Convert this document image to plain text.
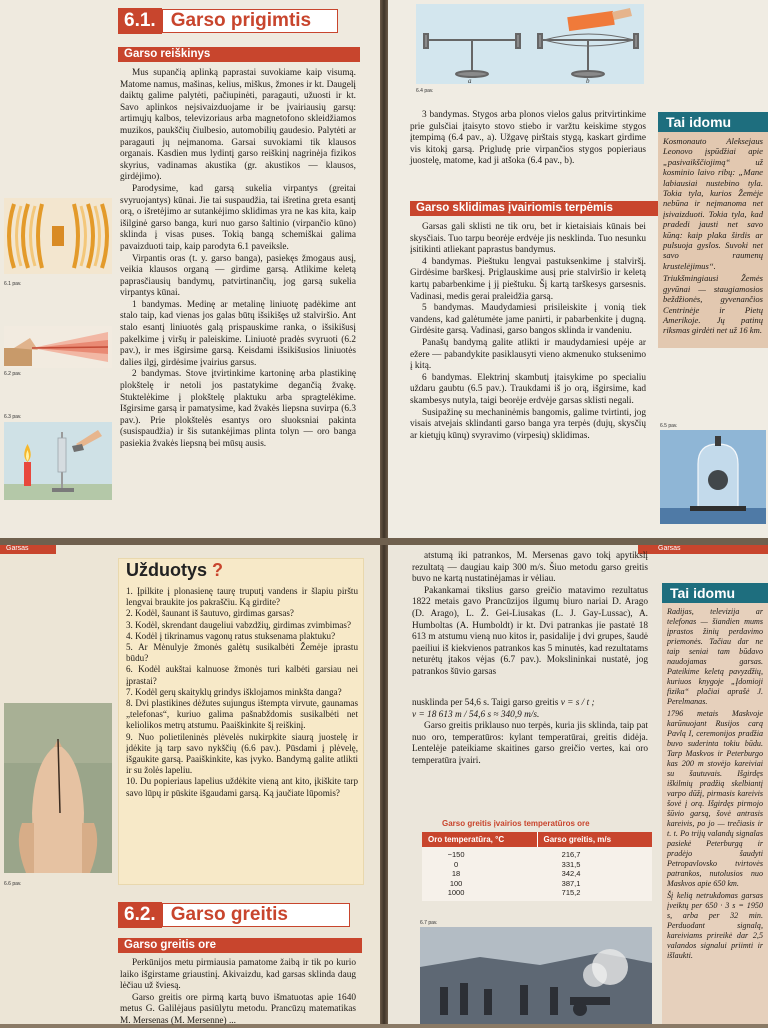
6.1. Garso prigimtis
Garso reiškinys

Mus supančią aplinką paprastai suvokiame kaip visumą. Matome namus, mašinas, kelius, miškus, žmones ir kt. Daugelį daiktų galime palytėti, pačiupinėti, paragauti, užuosti ir kt. Savo aplinkos nejsivaizduojame ir be įvairiausių garsų: artimųjų kalbos, televizoriaus arba magnetofono skleidžiamos muzikos, paukščių čiulbesio, automobilių gaudesio. Palytėti ar paragauti jų neįmanoma. Garsai suvokiami tik klausos organais. Kasdien mus lydintį garso reiškinį nagrinėja fizikos skyrius, vadinamas akustika (gr. akustikos — klausos, girdėjimo).

Parodysime, kad garsą sukelia virpantys (greitai svyruojantys) kūnai. Jie tai suspaudžia, tai išretina greta esantį orą, o išretėjimo ar sutankėjimo sklidimas yra ne kas kita, kaip išilginė garso banga, kuri nuo garso šaltinio (virpančio kūno) sklinda į visas puses. Tokią bangą schemiškai galima pavaizduoti taip, kaip parodyta 6.1 paveiksle.

Virpantis oras (t. y. garso banga), pasiekęs žmogaus ausį, veikia klausos organą — girdime garsą. Atlikime keletą paprasčiausių bandymų, patvirtinančių, jog garsą sukelia virpantys kūnai.

1 bandymas. Medinę ar metalinę liniuotę padėkime ant stalo taip, kad vienas jos galas būtų išsikišęs už stalviršio. Ant stalo esantį liniuotės galą prispauskime ranka, o išsikišusį pakelkime į viršų ir paleiskime. Liniuotė pradės svyruoti (6.2 pav.), ir mes išgirsime garsą. Keisdami išsikišusios liniuotės dalies ilgį, girdėsime įvairius garsus.

2 bandymas. Stove įtvirtinkime kartoninę arba plastikinę plokštelę ir netoli jos pastatykime degančią žvakę. Stuktelėkime į plokštelę plaktuku arba spragtelėkime. Išgirsime garsą ir pamatysime, kad žvakės liepsna suvirpa (6.3 pav.). Prie plokštelės esantys oro sluoksniai pakinta (susispaudžia) ir šis sutankėjimas plinta tolyn — oro banga pasiekia žvakės liepsną bei mūsų ausis.

6.1 pav.
6.2 pav.
6.3 pav.
a	b
6.4 pav.

3 bandymas. Stygos arba plonos vielos galus pritvirtinkime prie gulsčiai įtaisyto stovo stiebo ir varžtu keiskime stygos įtempimą (6.4 pav., a). Užgavę pirštais stygą, kaskart girdime vis kitokį garsą. Prigludę prie virpančios stygos popieriaus juostelę, matome, kad ji atšoka (6.4 pav., b).

Garso sklidimas įvairiomis terpėmis

Garsas gali sklisti ne tik oru, bet ir kietaisiais kūnais bei skysčiais. Tuo tarpu beorėje erdvėje jis nesklinda. Tuo nesunku įsitikinti atliekant paprastus bandymus.

4 bandymas. Pieštuku lengvai pastuksenkime į stalviršį. Girdėsime barškesį. Priglauskime ausį prie stalviršio ir keletą kartų pabarbenkime į jį pieštuku. Šį kartą tarškesys garsesnis. Vadinasi, medis gerai praleidžia garsą.

5 bandymas. Maudydamiesi prisileiskite į vonią tiek vandens, kad galėtumėte jame panirti, ir pabarbenkite į dugną. Girdėsite garsą. Vadinasi, garso bangos sklinda ir vandeniu.

Panašų bandymą galite atlikti ir maudydamiesi upėje ar ežere — pabandykite pasiklausyti vieno akmenuko stuksenimo į kitą.

6 bandymas. Elektrinį skambutį įtaisykime po specialiu uždaru gaubtu (6.5 pav.). Traukdami iš jo orą, išgirsime, kad skambesys nutyla, taigi beorėje erdvėje garsas sklisti negali.

Susipažinę su mechaninėmis bangomis, galime tvirtinti, jog visais atvejais sklindanti garso banga yra terpės (dujų, skysčių ar kietųjų kūnų) svyravimo (virpesių) sklidimas.

Tai idomu

Kosmonauto Aleksejaus Leonovo įspūdžiai apie „pasivaikščiojimą“ už kosminio laivo ribų: „Mane labiausiai nustebino tyla. Tokia tyla, kurios Žemėje nebūna ir neįmanoma net įsivaizduoti. Tokia tyla, kad pradedi jausti net savo kūną: kaip plaka širdis ar pulsuoja gyslos. Suvoki net savo raumenų krustelėjimus“.

Triukšmingiausi Žemės gyvūnai — staugiamosios beždžionės, gyvenančios Centrinėje ir Pietų Amerikoje. Jų patinų riksmas girdėti net už 16 km.

6.5 pav.
Garsas
6.6 pav.
Užduotys ?

1. Įpilkite į plonasienę taurę truputį vandens ir šlapiu pirštu lengvai braukite jos pakraščiu. Ką girdite?

2. Kodėl, šaunant iš šautuvo, girdimas garsas?

3. Kodėl, skrendant daugeliui vabzdžių, girdimas zvimbimas?

4. Kodėl į tikrinamus vagonų ratus stuksenama plaktuku?

5. Ar Mėnulyje žmonės galėtų susikalbėti Žemėje įprastu būdu?

6. Kodėl aukštai kalnuose žmonės turi kalbėti garsiau nei įprastai?

7. Kodėl gerų skaityklų grindys išklojamos minkšta danga?

8. Dvi plastikines dėžutes sujungus ištempta virvute, gaunamas „telefonas“, kuriuo galima pašnabždomis susikalbėti net keliolikos metrų atstumu. Paaiškinkite šį reiškinį.

9. Nuo polietileninės plėvelės nukirpkite siaurą juostelę ir įdėkite ją tarp savo nykščių (6.6 pav.). Pūsdami į plėvelę, išgaukite garsą. Paaiškinkite, kas įvyko. Bandymą galite atlikti ir su žolės lapeliu.

10. Du popieriaus lapelius uždėkite vieną ant kito, įkiškite tarp savo lūpų ir pūskite išgaudami garsą. Ką jaučiate lūpomis?

6.2. Garso greitis
Garso greitis ore

Perkūnijos metu pirmiausia pamatome žaibą ir tik po kurio laiko išgirstame griaustinį. Akivaizdu, kad garsas sklinda daug lėčiau už šviesą.

Garso greitis ore pirmą kartą buvo išmatuotas apie 1640 metus G. Galilėjaus pasiūlytu metodu. Prancūzų matematikas M. Mersenas (M. Mersenne) ...

Garsas

atstumą iki patrankos, M. Mersenas gavo tokį apytikslį rezultatą — daugiau kaip 300 m/s. Šiuo metodu garso greitis buvo ne kartą nustatinėjamas ir vėliau.

Pakankamai tikslius garso greičio matavimo rezultatus 1822 metais gavo Prancūzijos ilgumų biuro nariai D. Arago (D. Arago), L. Ž. Gei-Liusakas (L. J. Gay-Lussac), A. Humboltas (A. Humboldt) ir kt. Dvi patrankas jie pastatė 18 613 m atstumu vieną nuo kitos ir, pasidalije į dvi grupes, šaudė paeiliui iš kiekvienos patrankos kas 5 minutės, kad rezultatams neturėtų įtakos vėjas (6.7 pav.). Mokslininkai nustatė, jog patrankos šūvio garsas

nusklinda per 54,6 s. Taigi garso greitis v = s / t ;

v = 18 613 m / 54,6 s ≈ 340,9 m/s.

Garso greitis priklauso nuo terpės, kuria jis sklinda, taip pat nuo oro, temperatūros: kylant temperatūrai, greitis didėja. Lentelėje pateikiame skaitines garso greičio vertes, kai oro temperatūra įvairi.

Garso greitis įvairios temperatūros ore
Oro temperatūra, °C	Garso greitis, m/s
−150	216,7
0	331,5
18	342,4
100	387,1
1000	715,2
6.7 pav.
Tai idomu

Radijas, televizija ar telefonas — šiandien mums įprastos žinių perdavimo priemonės. Tačiau dar ne taip seniai tam būdavo naudojamas garsas. Pateikime keletą pavyzdžių, kuriuos knygoje „Įdomioji fizika“ plačiai aprašė J. Perelmanas.

1796 metais Maskvoje karūnuojant Rusijos carą Pavlą I, ceremonijos pradžia buvo suderinta tokiu būdu. Tarp Maskvos ir Peterburgo kas 200 m stovėjo kareiviai su šautuvais. Išgirdęs iškilmių pradžią skelbiantį varpo dūžį, pirmasis kareivis šovė į orą. Išgirdęs pirmojo šūvio garsą, šovė antrasis kareivis, po jo — trečiasis ir t. t. Po trijų valandų signalas pasiekė Peterburgą ir pradėjo šaudyti Petropavlovsko tvirtovės patrankos, nutolusios nuo Maskvos apie 650 km.

Šį kelią netrukdomas garsas įveiktų per 650 · 3 s = 1950 s, arba per 32 min. Perduodant signalą, kareiviams prireikė dar 2,5 valandos signalui priimti ir išlaukti.
